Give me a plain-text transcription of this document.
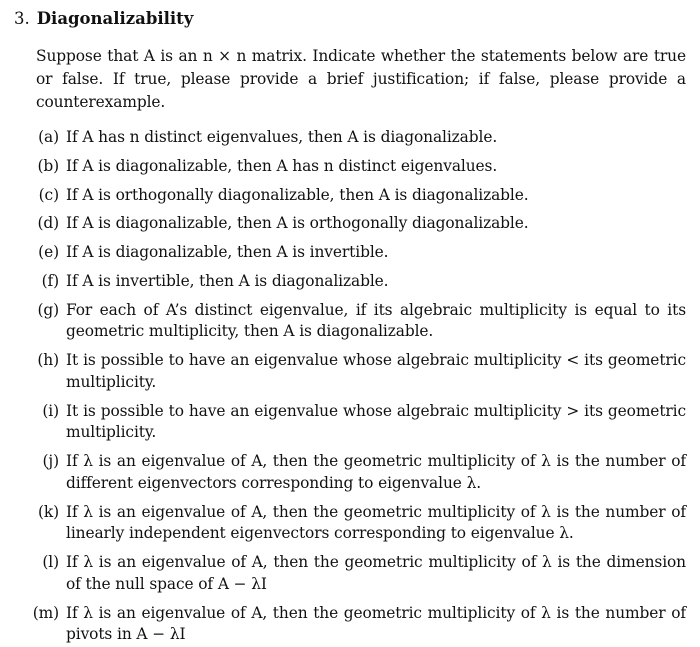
3. Diagonalizability

Suppose that A is an n × n matrix. Indicate whether the statements below are true or false. If true, please provide a brief justification; if false, please provide a counterexample.

(a) If A has n distinct eigenvalues, then A is diagonalizable.
(b) If A is diagonalizable, then A has n distinct eigenvalues.
(c) If A is orthogonally diagonalizable, then A is diagonalizable.
(d) If A is diagonalizable, then A is orthogonally diagonalizable.
(e) If A is diagonalizable, then A is invertible.
(f) If A is invertible, then A is diagonalizable.
(g) For each of A’s distinct eigenvalue, if its algebraic multiplicity is equal to its geometric multiplicity, then A is diagonalizable.
(h) It is possible to have an eigenvalue whose algebraic multiplicity < its geometric multiplicity.
(i) It is possible to have an eigenvalue whose algebraic multiplicity > its geometric multiplicity.
(j) If λ is an eigenvalue of A, then the geometric multiplicity of λ is the number of different eigenvectors corresponding to eigenvalue λ.
(k) If λ is an eigenvalue of A, then the geometric multiplicity of λ is the number of linearly independent eigenvectors corresponding to eigenvalue λ.
(l) If λ is an eigenvalue of A, then the geometric multiplicity of λ is the dimension of the null space of A − λI
(m) If λ is an eigenvalue of A, then the geometric multiplicity of λ is the number of pivots in A − λI
